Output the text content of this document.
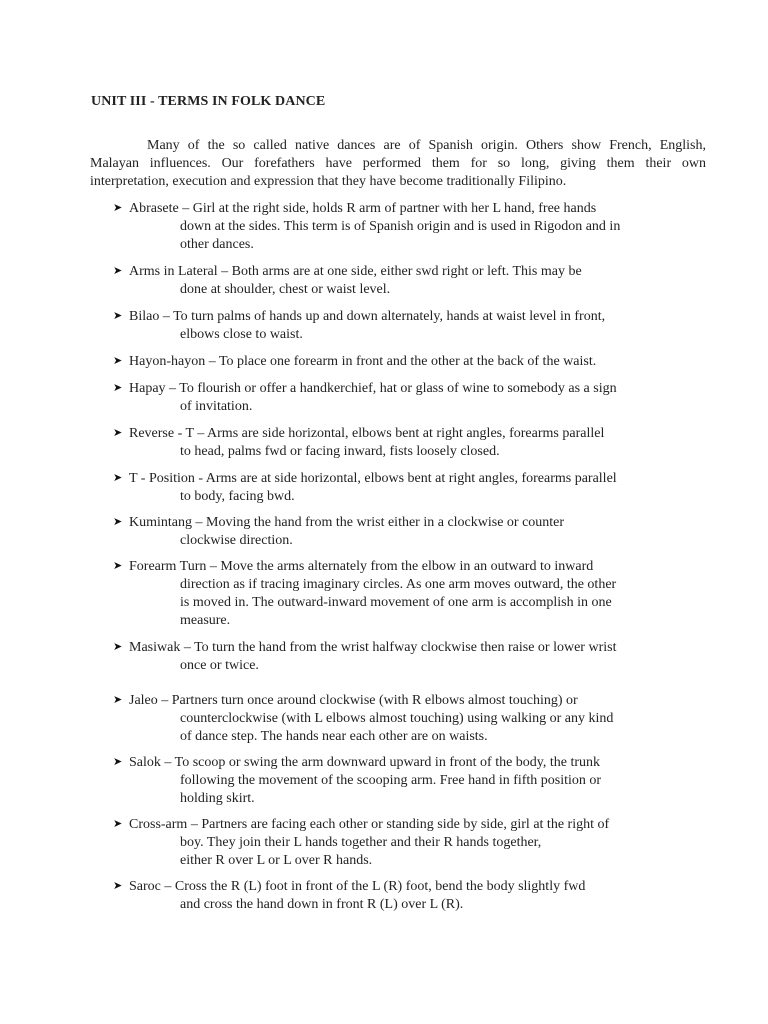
UNIT III - TERMS IN FOLK DANCE
Many of the so called native dances are of Spanish origin. Others show French, English,
Malayan influences. Our forefathers have performed them for so long, giving them their own
interpretation, execution and expression that they have become traditionally Filipino.
➤ Abrasete – Girl at the right side, holds R arm of partner with her L hand, free hands
down at the sides. This term is of Spanish origin and is used in Rigodon and in
other dances.
➤ Arms in Lateral – Both arms are at one side, either swd right or left. This may be
done at shoulder, chest or waist level.
➤ Bilao – To turn palms of hands up and down alternately, hands at waist level in front,
elbows close to waist.
➤ Hayon-hayon – To place one forearm in front and the other at the back of the waist.
➤ Hapay – To flourish or offer a handkerchief, hat or glass of wine to somebody as a sign
of invitation.
➤ Reverse - T – Arms are side horizontal, elbows bent at right angles, forearms parallel
to head, palms fwd or facing inward, fists loosely closed.
➤ T - Position - Arms are at side horizontal, elbows bent at right angles, forearms parallel
to body, facing bwd.
➤ Kumintang – Moving the hand from the wrist either in a clockwise or counter
clockwise direction.
➤ Forearm Turn – Move the arms alternately from the elbow in an outward to inward
direction as if tracing imaginary circles. As one arm moves outward, the other
is moved in. The outward-inward movement of one arm is accomplish in one
measure.
➤ Masiwak – To turn the hand from the wrist halfway clockwise then raise or lower wrist
once or twice.
➤ Jaleo – Partners turn once around clockwise (with R elbows almost touching) or
counterclockwise (with L elbows almost touching) using walking or any kind
of dance step. The hands near each other are on waists.
➤ Salok – To scoop or swing the arm downward upward in front of the body, the trunk
following the movement of the scooping arm. Free hand in fifth position or
holding skirt.
➤ Cross-arm – Partners are facing each other or standing side by side, girl at the right of
boy. They join their L hands together and their R hands together,
either R over L or L over R hands.
➤ Saroc – Cross the R (L) foot in front of the L (R) foot, bend the body slightly fwd
and cross the hand down in front R (L) over L (R).
